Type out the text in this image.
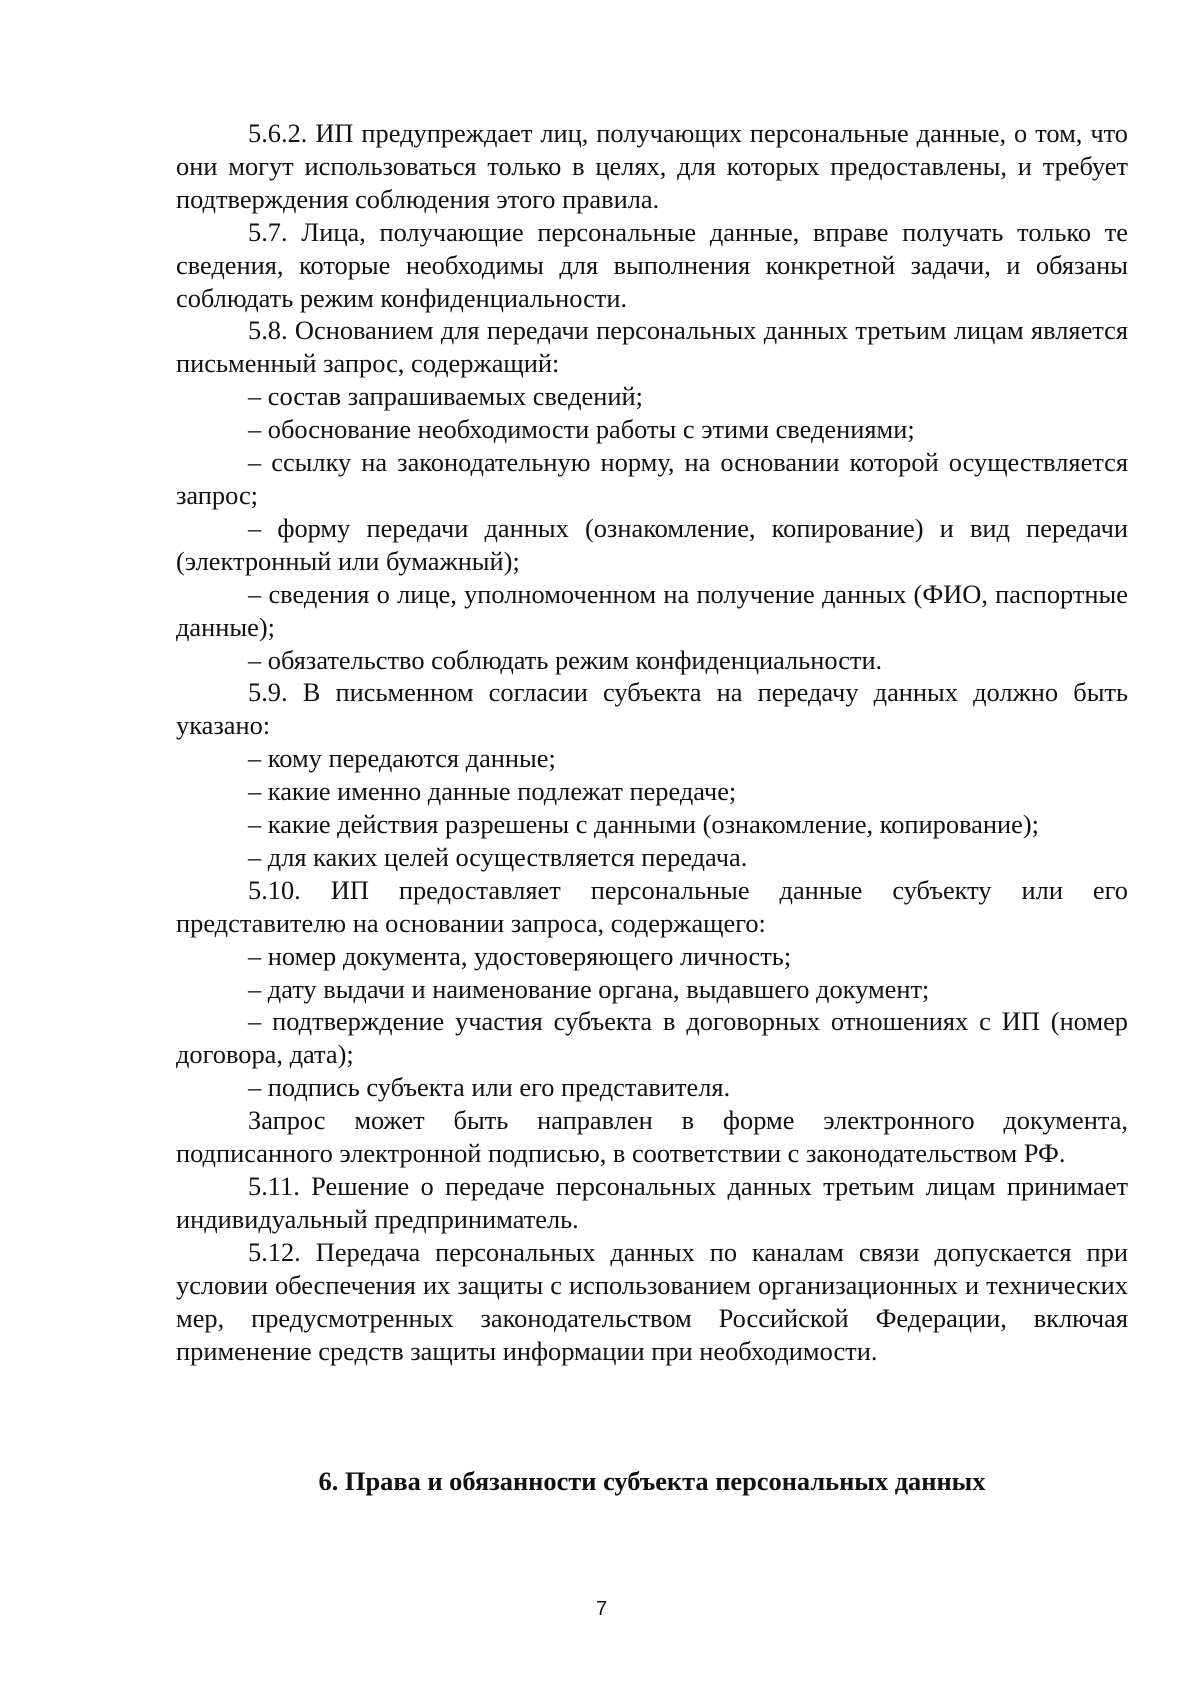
5.6.2. ИП предупреждает лиц, получающих персональные данные, о том, что они могут использоваться только в целях, для которых предоставлены, и требует подтверждения соблюдения этого правила.

5.7. Лица, получающие персональные данные, вправе получать только те сведения, которые необходимы для выполнения конкретной задачи, и обязаны соблюдать режим конфиденциальности.

5.8. Основанием для передачи персональных данных третьим лицам является письменный запрос, содержащий:

– состав запрашиваемых сведений;

– обоснование необходимости работы с этими сведениями;

– ссылку на законодательную норму, на основании которой осуществляется запрос;

– форму передачи данных (ознакомление, копирование) и вид передачи (электронный или бумажный);

– сведения о лице, уполномоченном на получение данных (ФИО, паспортные данные);

– обязательство соблюдать режим конфиденциальности.

5.9. В письменном согласии субъекта на передачу данных должно быть указано:

– кому передаются данные;

– какие именно данные подлежат передаче;

– какие действия разрешены с данными (ознакомление, копирование);

– для каких целей осуществляется передача.

5.10. ИП предоставляет персональные данные субъекту или его представителю на основании запроса, содержащего:

– номер документа, удостоверяющего личность;

– дату выдачи и наименование органа, выдавшего документ;

– подтверждение участия субъекта в договорных отношениях с ИП (номер договора, дата);

– подпись субъекта или его представителя.

Запрос может быть направлен в форме электронного документа, подписанного электронной подписью, в соответствии с законодательством РФ.

5.11. Решение о передаче персональных данных третьим лицам принимает индивидуальный предприниматель.

5.12. Передача персональных данных по каналам связи допускается при условии обеспечения их защиты с использованием организационных и технических мер, предусмотренных законодательством Российской Федерации, включая применение средств защиты информации при необходимости.

6. Права и обязанности субъекта персональных данных
7
